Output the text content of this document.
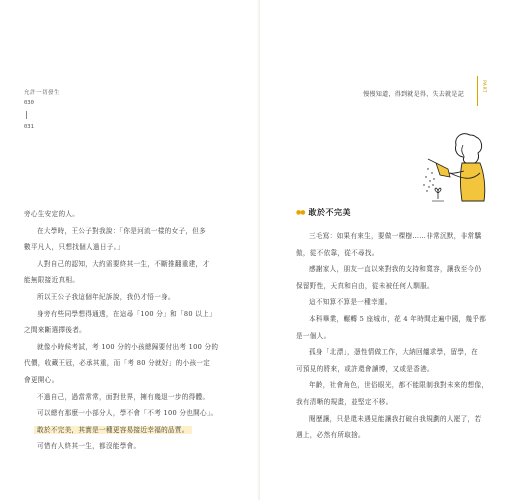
允許一切發生
030
031
旁心生安定的人。
在大學時，王公子對我說：「你是河流一樣的女子，但多
數平凡人，只想找個人過日子。」
人對自己的認知，大約需要終其一生，不斷推翻重建，才
能無限接近真相。
所以王公子我這個年紀訴說，我仍才悟一身。
身旁有些同學想得通透，在這尋「100 分」和「80 以上」
之間來斷選擇後者。
就像小時候考試，考 100 分的小孩總歸要付出考 100 分的
代價，收藏王冠，必承其重，而「考 80 分就好」的小孩一定
會更開心。
不過自己，過當常常，面對世界，擁有幾退一步的得體。
可以總有那麼一小部分人，學不會「不考 100 分也開心」。
敢於不完美，其實是一種更容易接近幸福的品質。
可惜有人終其一生，都沒能學會。
慢慢知道，得到就是得，失去就是記
PART
●● 敢於不完美
三毛寫：如果有來生，要做一棵樹……非常沉默，非常驕
傲，從不依靠，從不尋找。
感謝家人，朋友一直以來對我的支持和寬容，讓我至今仍
保留野性，天真和自由，從未被任何人馴服。
這不知算不算是一種幸運。
本科畢業，輾轉 5 座城市，花 4 年時間走遍中國，幾乎都
是一個人。
孤身「北漂」，憑性情做工作，大納回爐求學，留學，在
可預見的將來，或許還會讀博，又或是香港。
年齡，社會角色，世俗眼光，都不能限制我對未來的想像，
我有清晰的規畫，並堅定不移。
閱歷讓，只是還未遇見能讓我打破自我規劃的人罷了，若
遇上，必然有所取捨。
